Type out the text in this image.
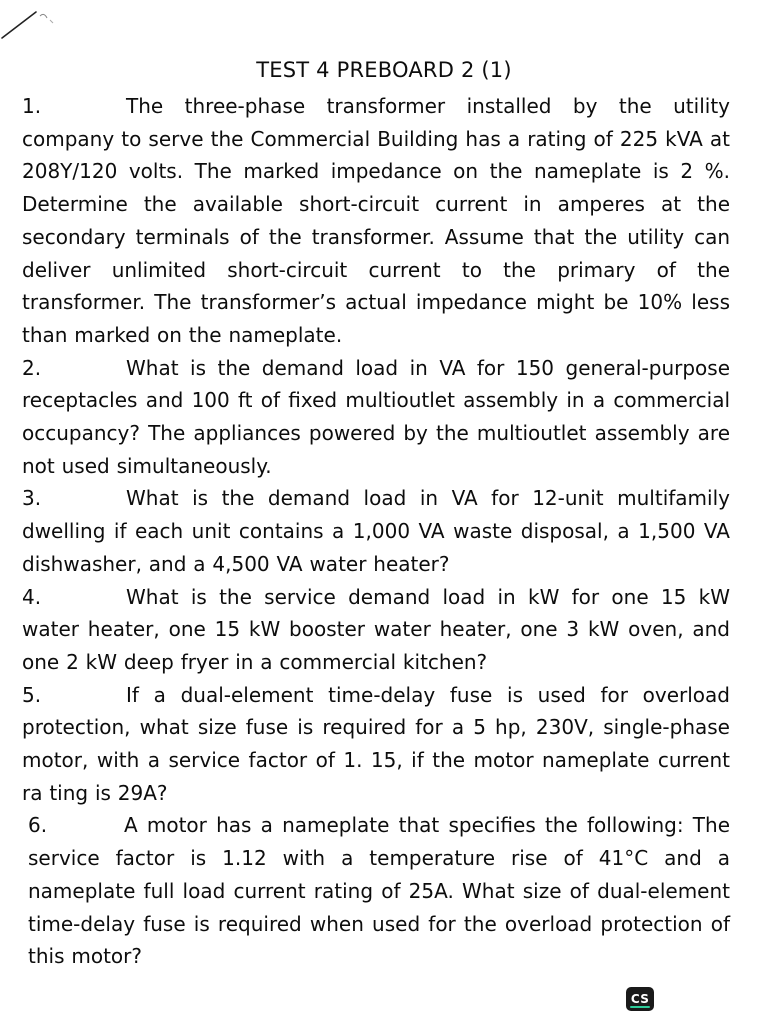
TEST 4 PREBOARD 2 (1)

1.	The three-phase transformer installed by the utility company to serve the Commercial Building has a rating of 225 kVA at 208Y/120 volts. The marked impedance on the nameplate is 2 %. Determine the available short-circuit current in amperes at the secondary terminals of the transformer. Assume that the utility can deliver unlimited short-circuit current to the primary of the transformer. The transformer’s actual impedance might be 10% less than marked on the nameplate.

2.	What is the demand load in VA for 150 general-purpose receptacles and 100 ft of fixed multioutlet assembly in a commercial occupancy? The appliances powered by the multioutlet assembly are not used simultaneously.

3.	What is the demand load in VA for 12-unit multifamily dwelling if each unit contains a 1,000 VA waste disposal, a 1,500 VA dishwasher, and a 4,500 VA water heater?

4.	What is the service demand load in kW for one 15 kW water heater, one 15 kW booster water heater, one 3 kW oven, and one 2 kW deep fryer in a commercial kitchen?

5.	If a dual-element time-delay fuse is used for overload protection, what size fuse is required for a 5 hp, 230V, single-phase motor, with a service factor of 1. 15, if the motor nameplate current ra ting is 29A?

6.	A motor has a nameplate that specifies the following: The service factor is 1.12 with a temperature rise of 41°C and a nameplate full load current rating of 25A. What size of dual-element time-delay fuse is required when used for the overload protection of this motor?

CS
